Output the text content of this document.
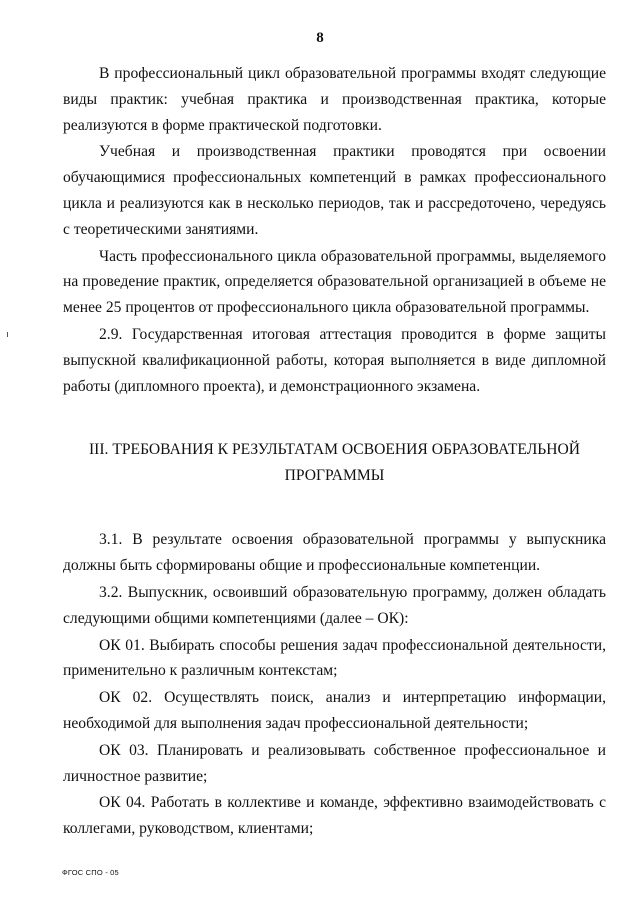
8

В профессиональный цикл образовательной программы входят следующие виды практик: учебная практика и производственная практика, которые реализуются в форме практической подготовки.

Учебная и производственная практики проводятся при освоении обучающимися профессиональных компетенций в рамках профессионального цикла и реализуются как в несколько периодов, так и рассредоточено, чередуясь с теоретическими занятиями.

Часть профессионального цикла образовательной программы, выделяемого на проведение практик, определяется образовательной организацией в объеме не менее 25 процентов от профессионального цикла образовательной программы.

2.9. Государственная итоговая аттестация проводится в форме защиты выпускной квалификационной работы, которая выполняется в виде дипломной работы (дипломного проекта), и демонстрационного экзамена.

III. ТРЕБОВАНИЯ К РЕЗУЛЬТАТАМ ОСВОЕНИЯ ОБРАЗОВАТЕЛЬНОЙ
ПРОГРАММЫ

3.1. В результате освоения образовательной программы у выпускника должны быть сформированы общие и профессиональные компетенции.

3.2. Выпускник, освоивший образовательную программу, должен обладать следующими общими компетенциями (далее – ОК):

ОК 01. Выбирать способы решения задач профессиональной деятельности, применительно к различным контекстам;

ОК 02. Осуществлять поиск, анализ и интерпретацию информации, необходимой для выполнения задач профессиональной деятельности;

ОК 03. Планировать и реализовывать собственное профессиональное и личностное развитие;

ОК 04. Работать в коллективе и команде, эффективно взаимодействовать с коллегами, руководством, клиентами;

ФГОС СПО - 05
